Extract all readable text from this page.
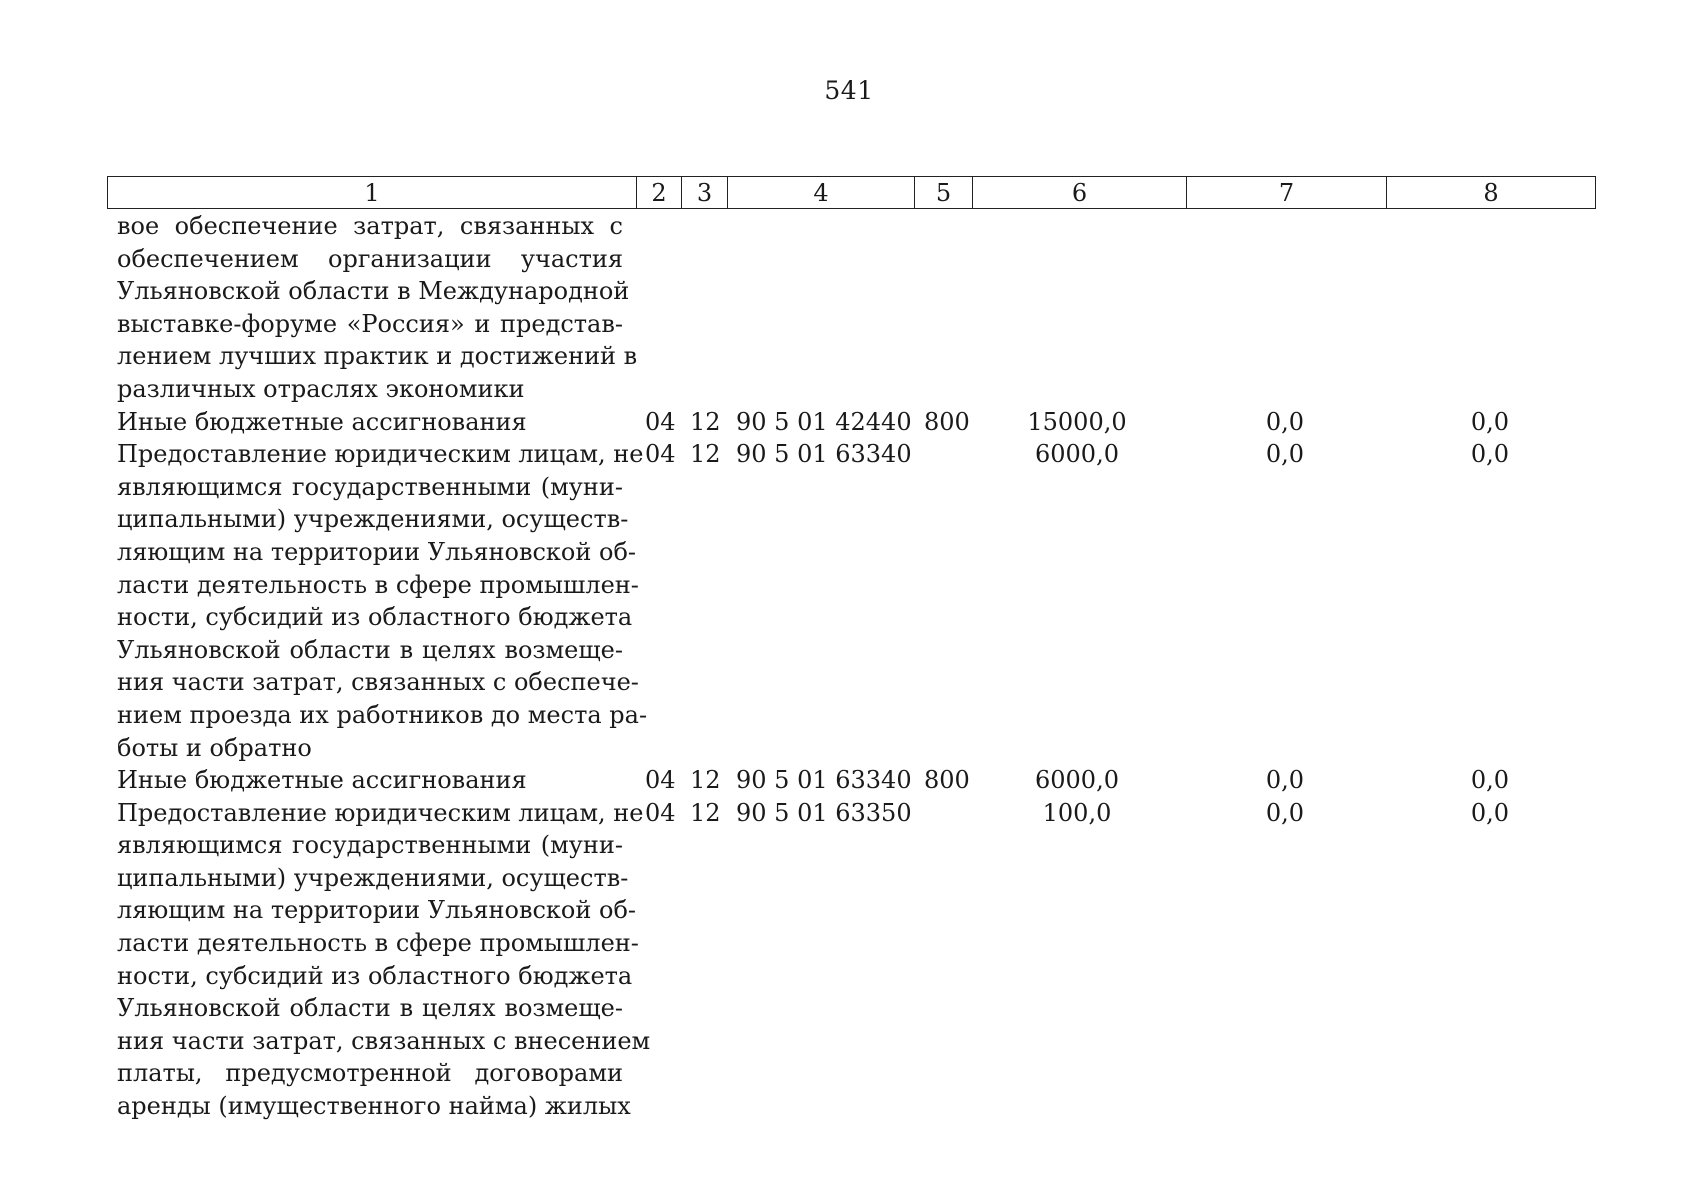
541
1	2	3	4	5	6	7	8
вое обеспечение затрат, связанных с
обеспечением организации участия
Ульяновской области в Международной
выставке-форуме «Россия» и представ-
лением лучших практик и достижений в
различных отраслях экономики
Иные бюджетные ассигнования	04 12 90 5 01 42440 800	15000,0	0,0	0,0
Предоставление юридическим лицам, не
являющимся государственными (муни-
ципальными) учреждениями, осуществ-
ляющим на территории Ульяновской об-
ласти деятельность в сфере промышлен-
ности, субсидий из областного бюджета
Ульяновской области в целях возмеще-
ния части затрат, связанных с обеспече-
нием проезда их работников до места ра-
боты и обратно
04 12 90 5 01 63340	6000,0	0,0	0,0
Иные бюджетные ассигнования	04 12 90 5 01 63340 800	6000,0	0,0	0,0
Предоставление юридическим лицам, не
являющимся государственными (муни-
ципальными) учреждениями, осуществ-
ляющим на территории Ульяновской об-
ласти деятельность в сфере промышлен-
ности, субсидий из областного бюджета
Ульяновской области в целях возмеще-
ния части затрат, связанных с внесением
платы, предусмотренной договорами
аренды (имущественного найма) жилых
04 12 90 5 01 63350	100,0	0,0	0,0
